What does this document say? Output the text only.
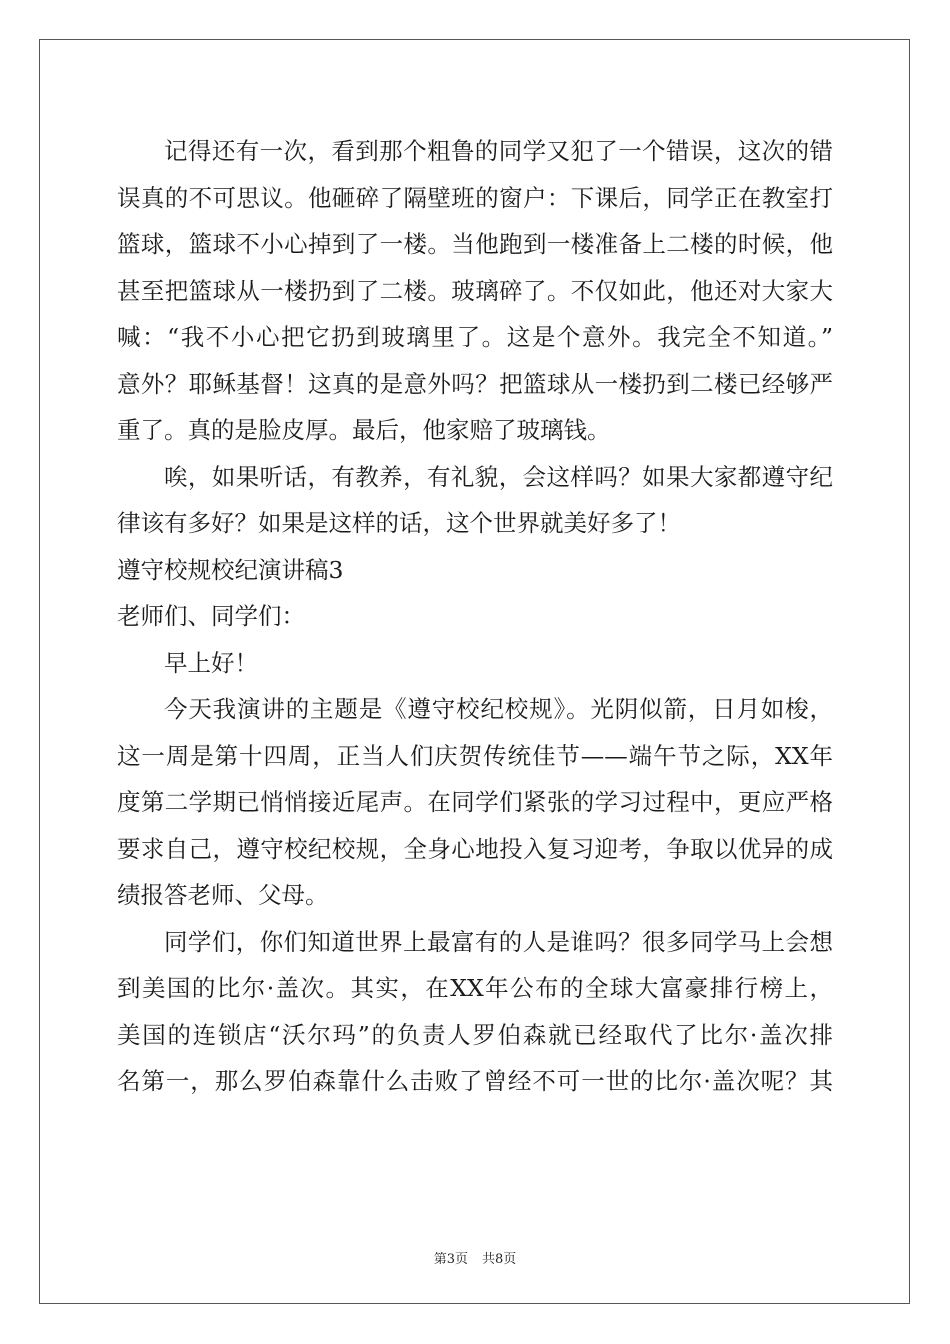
记得还有一次，看到那个粗鲁的同学又犯了一个错误，这次的错
误真的不可思议。他砸碎了隔壁班的窗户：下课后，同学正在教室打
篮球，篮球不小心掉到了一楼。当他跑到一楼准备上二楼的时候，他
甚至把篮球从一楼扔到了二楼。玻璃碎了。不仅如此，他还对大家大
喊：“我不小心把它扔到玻璃里了。这是个意外。我完全不知道。”
意外？耶稣基督！这真的是意外吗？把篮球从一楼扔到二楼已经够严
重了。真的是脸皮厚。最后，他家赔了玻璃钱。
唉，如果听话，有教养，有礼貌，会这样吗？如果大家都遵守纪
律该有多好？如果是这样的话，这个世界就美好多了！
遵守校规校纪演讲稿3
老师们、同学们：
早上好！
今天我演讲的主题是《遵守校纪校规》。光阴似箭，日月如梭，
这一周是第十四周，正当人们庆贺传统佳节——端午节之际，XX年
度第二学期已悄悄接近尾声。在同学们紧张的学习过程中，更应严格
要求自己，遵守校纪校规，全身心地投入复习迎考，争取以优异的成
绩报答老师、父母。
同学们，你们知道世界上最富有的人是谁吗？很多同学马上会想
到美国的比尔·盖次。其实，在XX年公布的全球大富豪排行榜上，
美国的连锁店“沃尔玛”的负责人罗伯森就已经取代了比尔·盖次排
名第一，那么罗伯森靠什么击败了曾经不可一世的比尔·盖次呢？其
第3页 共8页
